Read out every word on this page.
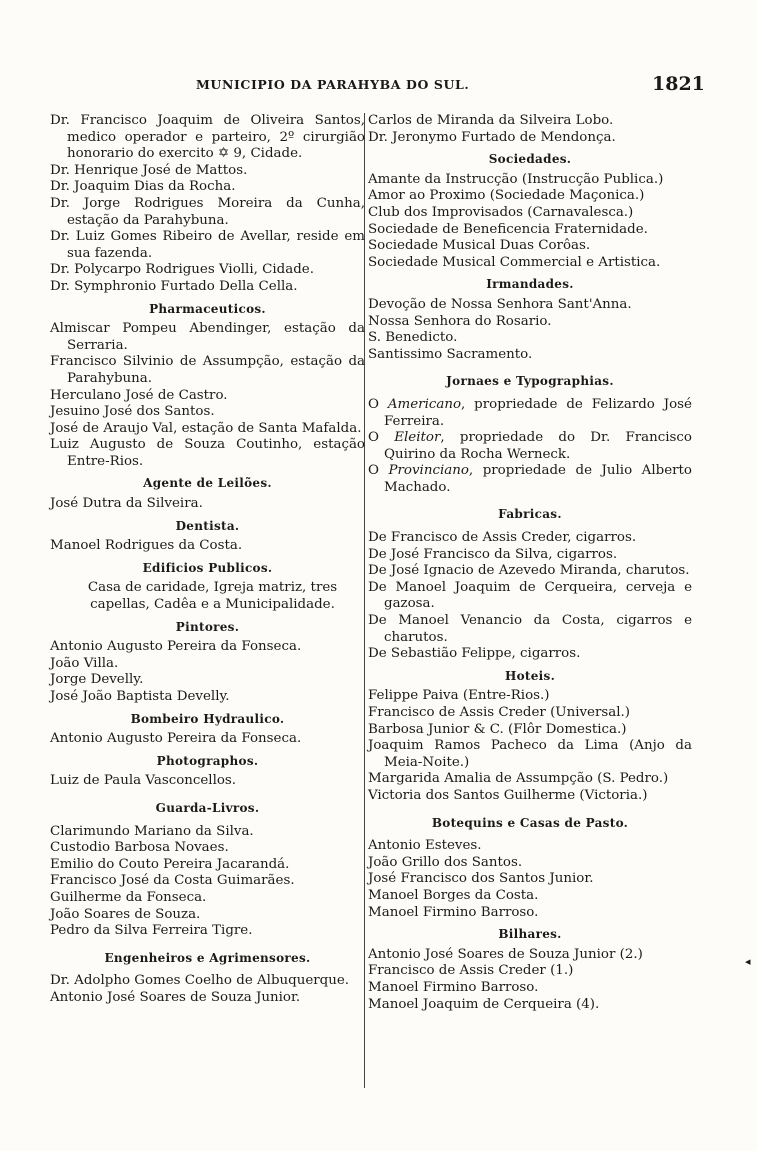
MUNICIPIO DA PARAHYBA DO SUL.	1821

Dr. Francisco Joaquim de Oliveira Santos, medico operador e parteiro, 2º cirurgião honorario do exercito ✡ 9, Cidade.

Dr. Henrique José de Mattos.

Dr. Joaquim Dias da Rocha.

Dr. Jorge Rodrigues Moreira da Cunha, estação da Parahybuna.

Dr. Luiz Gomes Ribeiro de Avellar, reside em sua fazenda.

Dr. Polycarpo Rodrigues Violli, Cidade.

Dr. Symphronio Furtado Della Cella.

Pharmaceuticos.

Almiscar Pompeu Abendinger, estação da Serraria.

Francisco Silvinio de Assumpção, estação da Parahybuna.

Herculano José de Castro.

Jesuino José dos Santos.

José de Araujo Val, estação de Santa Mafalda.

Luiz Augusto de Souza Coutinho, estação Entre-Rios.

Agente de Leilões.

José Dutra da Silveira.

Dentista.

Manoel Rodrigues da Costa.

Edificios Publicos.

Casa de caridade, Igreja matriz, tres capellas, Cadêa e a Municipalidade.

Pintores.

Antonio Augusto Pereira da Fonseca.

João Villa.

Jorge Develly.

José João Baptista Develly.

Bombeiro Hydraulico.

Antonio Augusto Pereira da Fonseca.

Photographos.

Luiz de Paula Vasconcellos.

Guarda-Livros.

Clarimundo Mariano da Silva.

Custodio Barbosa Novaes.

Emilio do Couto Pereira Jacarandá.

Francisco José da Costa Guimarães.

Guilherme da Fonseca.

João Soares de Souza.

Pedro da Silva Ferreira Tigre.

Engenheiros e Agrimensores.

Dr. Adolpho Gomes Coelho de Albuquerque.

Antonio José Soares de Souza Junior.

Carlos de Miranda da Silveira Lobo.

Dr. Jeronymo Furtado de Mendonça.

Sociedades.

Amante da Instrucção (Instrucção Publica.)

Amor ao Proximo (Sociedade Maçonica.)

Club dos Improvisados (Carnavalesca.)

Sociedade de Beneficencia Fraternidade.

Sociedade Musical Duas Corôas.

Sociedade Musical Commercial e Artistica.

Irmandades.

Devoção de Nossa Senhora Sant'Anna.

Nossa Senhora do Rosario.

S. Benedicto.

Santissimo Sacramento.

Jornaes e Typographias.

O Americano, propriedade de Felizardo José Ferreira.

O Eleitor, propriedade do Dr. Francisco Quirino da Rocha Werneck.

O Provinciano, propriedade de Julio Alberto Machado.

Fabricas.

De Francisco de Assis Creder, cigarros.

De José Francisco da Silva, cigarros.

De José Ignacio de Azevedo Miranda, charutos.

De Manoel Joaquim de Cerqueira, cerveja e gazosa.

De Manoel Venancio da Costa, cigarros e charutos.

De Sebastião Felippe, cigarros.

Hoteis.

Felippe Paiva (Entre-Rios.)

Francisco de Assis Creder (Universal.)

Barbosa Junior & C. (Flôr Domestica.)

Joaquim Ramos Pacheco da Lima (Anjo da Meia-Noite.)

Margarida Amalia de Assumpção (S. Pedro.)

Victoria dos Santos Guilherme (Victoria.)

Botequins e Casas de Pasto.

Antonio Esteves.

João Grillo dos Santos.

José Francisco dos Santos Junior.

Manoel Borges da Costa.

Manoel Firmino Barroso.

Bilhares.

Antonio José Soares de Souza Junior (2.)

Francisco de Assis Creder (1.)

Manoel Firmino Barroso.

Manoel Joaquim de Cerqueira (4).

◂
